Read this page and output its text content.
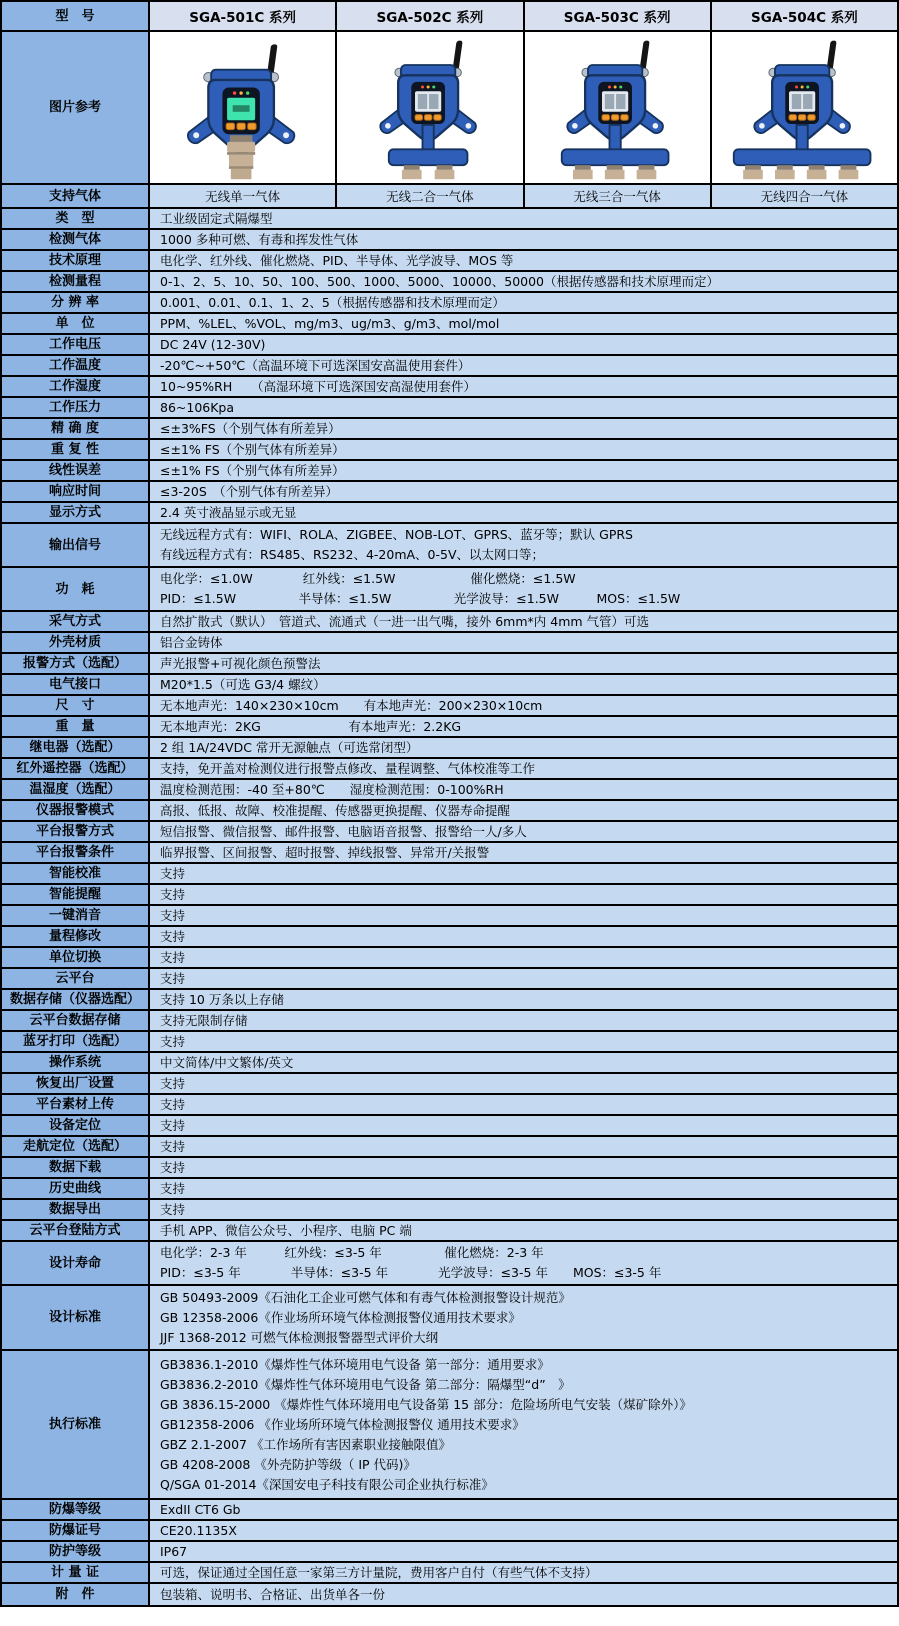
型　号	SGA-501C 系列	SGA-502C 系列	SGA-503C 系列	SGA-504C 系列
图片参考
支持气体	无线单一气体	无线二合一气体	无线三合一气体	无线四合一气体
类　型	工业级固定式隔爆型
检测气体	1000 多种可燃、有毒和挥发性气体
技术原理	电化学、红外线、催化燃烧、PID、半导体、光学波导、MOS 等
检测量程	0-1、2、5、10、50、100、500、1000、5000、10000、50000（根据传感器和技术原理而定）
分 辨 率	0.001、0.01、0.1、1、2、5（根据传感器和技术原理而定）
单　位	PPM、%LEL、%VOL、mg/m3、ug/m3、g/m3、mol/mol
工作电压	DC 24V (12-30V)
工作温度	-20℃~+50℃（高温环境下可选深国安高温使用套件）
工作湿度	10~95%RH　　（高湿环境下可选深国安高湿使用套件）
工作压力	86~106Kpa
精 确 度	≤±3%FS（个别气体有所差异）
重 复 性	≤±1% FS（个别气体有所差异）
线性误差	≤±1% FS（个别气体有所差异）
响应时间	≤3-20S　（个别气体有所差异）
显示方式	2.4 英寸液晶显示或无显
输出信号
无线远程方式有：WIFI、ROLA、ZIGBEE、NOB-LOT、GPRS、蓝牙等；默认 GPRS
有线远程方式有：RS485、RS232、4-20mA、0-5V、以太网口等；
功　耗
电化学：≤1.0W　　　　红外线：≤1.5W　　　　　　催化燃烧：≤1.5W
PID：≤1.5W　　　　　半导体：≤1.5W　　　　　光学波导：≤1.5W　　　MOS：≤1.5W
采气方式	自然扩散式（默认）　管道式、流通式（一进一出气嘴，接外 6mm*内 4mm 气管）可选
外壳材质	铝合金铸体
报警方式（选配）	声光报警+可视化颜色预警法
电气接口	M20*1.5（可选 G3/4 螺纹）
尺　寸	无本地声光：140×230×10cm　　有本地声光：200×230×10cm
重　量	无本地声光：2KG　　　　　　　有本地声光：2.2KG
继电器（选配）	2 组 1A/24VDC 常开无源触点（可选常闭型）
红外遥控器（选配）	支持，免开盖对检测仪进行报警点修改、量程调整、气体校准等工作
温湿度（选配）	温度检测范围：-40 至+80℃　　湿度检测范围：0-100%RH
仪器报警模式	高报、低报、故障、校准提醒、传感器更换提醒、仪器寿命提醒
平台报警方式	短信报警、微信报警、邮件报警、电脑语音报警、报警给一人/多人
平台报警条件	临界报警、区间报警、超时报警、掉线报警、异常开/关报警
智能校准	支持
智能提醒	支持
一键消音	支持
量程修改	支持
单位切换	支持
云平台	支持
数据存储（仪器选配）	支持 10 万条以上存储
云平台数据存储	支持无限制存储
蓝牙打印（选配）	支持
操作系统	中文简体/中文繁体/英文
恢复出厂设置	支持
平台素材上传	支持
设备定位	支持
走航定位（选配）	支持
数据下载	支持
历史曲线	支持
数据导出	支持
云平台登陆方式	手机 APP、微信公众号、小程序、电脑 PC 端
设计寿命
电化学：2-3 年　　　红外线：≤3-5 年　　　　　催化燃烧：2-3 年
PID：≤3-5 年　　　　半导体：≤3-5 年　　　　光学波导：≤3-5 年　　MOS：≤3-5 年
设计标准
GB 50493-2009《石油化工企业可燃气体和有毒气体检测报警设计规范》
GB 12358-2006《作业场所环境气体检测报警仪通用技术要求》
JJF 1368-2012 可燃气体检测报警器型式评价大纲
执行标准
GB3836.1-2010《爆炸性气体环境用电气设备 第一部分：通用要求》
GB3836.2-2010《爆炸性气体环境用电气设备 第二部分：隔爆型“d”　》
GB 3836.15-2000 《爆炸性气体环境用电气设备第 15 部分：危险场所电气安装（煤矿除外）》
GB12358-2006 《作业场所环境气体检测报警仪 通用技术要求》
GBZ 2.1-2007 《工作场所有害因素职业接触限值》
GB 4208-2008 《外壳防护等级（ IP 代码)》
Q/SGA 01-2014《深国安电子科技有限公司企业执行标准》
防爆等级	ExdII CT6 Gb
防爆证号	CE20.1135X
防护等级	IP67
计 量 证	可选，保证通过全国任意一家第三方计量院，费用客户自付（有些气体不支持）
附　件	包装箱、说明书、合格证、出货单各一份
